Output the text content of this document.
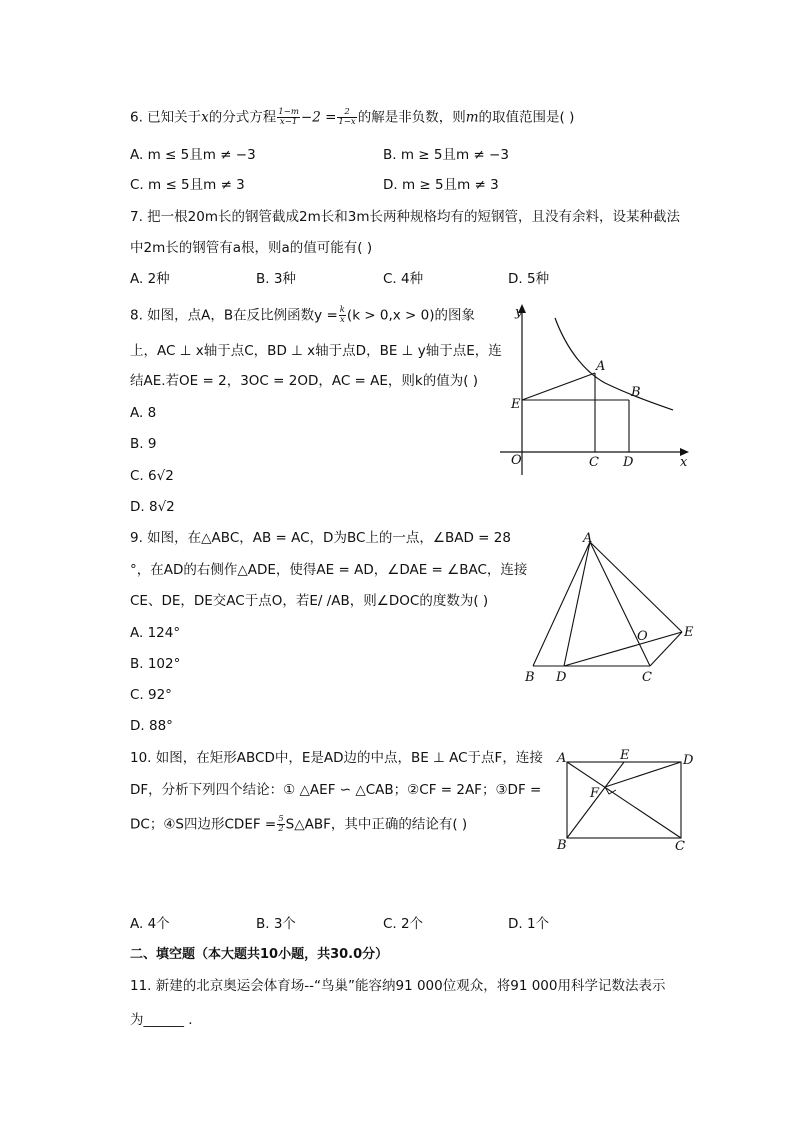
6. 已知关于x的分式方程 $\frac{1-m}{x-1} -2 = \frac{2}{1-x}$ 的解是非负数，则m的取值范围是( )
A. m ≤ 5且m ≠ −3	B. m ≥ 5且m ≠ −3
C. m ≤ 5且m ≠ 3	D. m ≥ 5且m ≠ 3
7. 把一根20m长的钢管截成2m长和3m长两种规格均有的短钢管，且没有余料，设某种截法
中2m长的钢管有a根，则a的值可能有( )
A. 2种	B. 3种	C. 4种	D. 5种
8. 如图，点A，B在反比例函数$y = \frac{k}{x} (k > 0,x > 0)$的图象
上，AC ⊥ x轴于点C，BD ⊥ x轴于点D，BE ⊥ y轴于点E，连
结AE.若OE = 2，3OC = 2OD，AC = AE，则k的值为( )
A. 8
B. 9
C. 6√2
D. 8√2
y
x
O
A
B
C D
E
9. 如图，在△ABC，AB = AC，D为BC上的一点，∠BAD = 28
°，在AD的右侧作△ADE，使得AE = AD，∠DAE = ∠BAC，连接
CE、DE，DE交AC于点O，若E/ /AB，则∠DOC的度数为( )
A. 124°
B. 102°
C. 92°
D. 88°
A
B D	C
E
O
10. 如图，在矩形ABCD中，E是AD边的中点，BE ⊥ AC于点F，连接
DF，分析下列四个结论：① △AEF ∽ △CAB；②CF = 2AF；③DF =
DC；④S四边形CDEF = $\frac{5}{2}$ S△ABF，其中正确的结论有( )
A	E	D
F
B	C
A. 4个	B. 3个	C. 2个	D. 1个
二、填空题（本大题共10小题，共30.0分）
11. 新建的北京奥运会体育场--“鸟巢”能容纳91 000位观众，将91 000用科学记数法表示
为______ .
